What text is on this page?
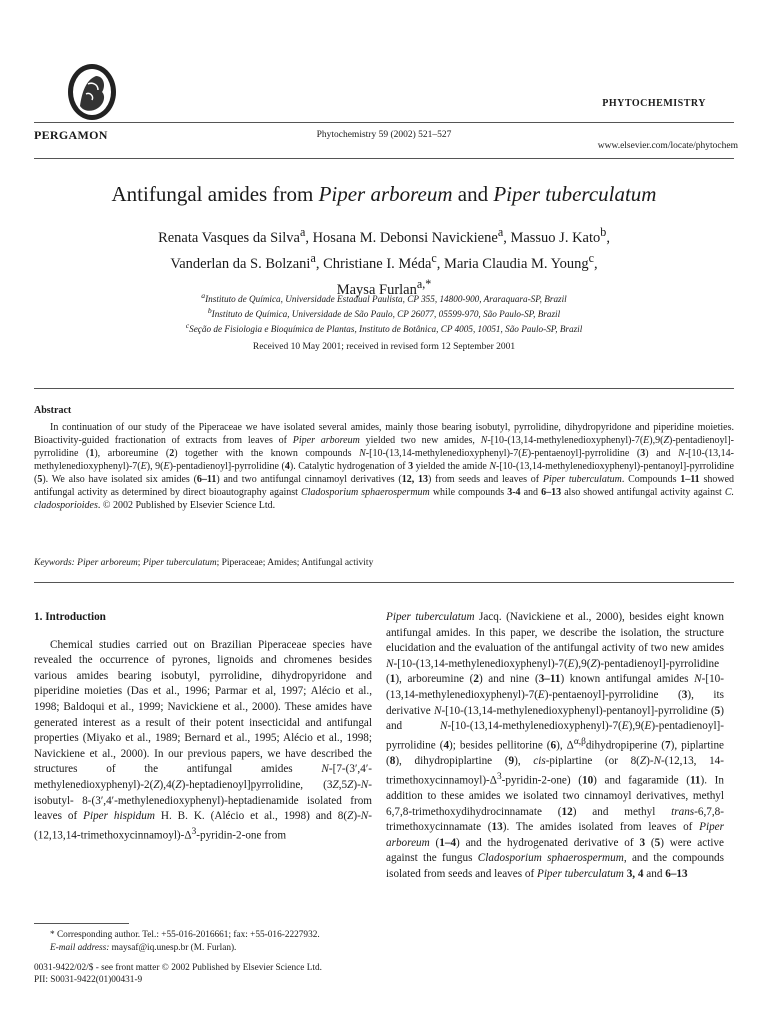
PERGAMON	Phytochemistry 59 (2002) 521–527
PHYTOCHEMISTRY
www.elsevier.com/locate/phytochem
Antifungal amides from Piper arboreum and Piper tuberculatum
Renata Vasques da Silva$^a$, Hosana M. Debonsi Navickiene$^a$, Massuo J. Kato$^b$,
Vanderlan da S. Bolzani$^a$, Christiane I. Méda$^c$, Maria Claudia M. Young$^c$,
Maysa Furlan$^{a,*}$
$^a$Instituto de Química, Universidade Estadual Paulista, CP 355, 14800-900, Araraquara-SP, Brazil
$^b$Instituto de Química, Universidade de São Paulo, CP 26077, 05599-970, São Paulo-SP, Brazil
$^c$Seção de Fisiologia e Bioquímica de Plantas, Instituto de Botânica, CP 4005, 10051, São Paulo-SP, Brazil
Received 10 May 2001; received in revised form 12 September 2001
Abstract
In continuation of our study of the Piperaceae we have isolated several amides, mainly those bearing isobutyl, pyrrolidine, dihydropyridone and piperidine moieties. Bioactivity-guided fractionation of extracts from leaves of Piper arboreum yielded two new amides, N-[10-(13,14-methylenedioxyphenyl)-7(E),9(Z)-pentadienoyl]-pyrrolidine (1), arboreumine (2) together with the known compounds N-[10-(13,14-methylenedioxyphenyl)-7(E)-pentaenoyl]-pyrrolidine (3) and N-[10-(13,14-methylenedioxyphenyl)-7(E), 9(E)-pentadienoyl]-pyrrolidine (4). Catalytic hydrogenation of 3 yielded the amide N-[10-(13,14-methylenedioxyphenyl)-pentanoyl]-pyrrolidine (5). We also have isolated six amides (6–11) and two antifungal cinnamoyl derivatives (12, 13) from seeds and leaves of Piper tuberculatum. Compounds 1–11 showed antifungal activity as determined by direct bioautography against Cladosporium sphaerospermum while compounds 3-4 and 6–13 also showed antifungal activity against C. cladosporioides. © 2002 Published by Elsevier Science Ltd.
Keywords: Piper arboreum; Piper tuberculatum; Piperaceae; Amides; Antifungal activity
1. Introduction

Chemical studies carried out on Brazilian Piperaceae species have revealed the occurrence of pyrones, lignoids and chromenes besides various amides bearing isobutyl, pyrrolidine, dihydropyridone and piperidine moieties (Das et al., 1996; Parmar et al, 1997; Alécio et al., 1998; Baldoqui et al., 1999; Navickiene et al., 2000). These amides have generated interest as a result of their potent insecticidal and antifungal properties (Miyako et al., 1989; Bernard et al., 1995; Alécio et al., 1998; Navickiene et al., 2000). In our previous papers, we have described the structures of the antifungal amides N-[7-(3′,4′-methylenedioxyphenyl)-2(Z),4(Z)-heptadienoyl]pyrrolidine, (3Z,5Z)-N-isobutyl- 8-(3′,4′-methylenedioxyphenyl)-heptadienamide isolated from leaves of Piper hispidum H. B. K. (Alécio et al., 1998) and $8(Z)-N-(12,13,14-trimethoxycinnamoyl)-\Delta^3-pyridin-2$-one from

Piper tuberculatum Jacq. (Navickiene et al., 2000), besides eight known antifungal amides. In this paper, we describe the isolation, the structure elucidation and the evaluation of the antifungal activity of two new amides N-[10-(13,14-methylenedioxyphenyl)-7(E),9(Z)-pentadienoyl]-pyrrolidine (1), arboreumine (2) and nine (3–11) known antifungal amides N-[10- (13,14-methylenedioxyphenyl)-7(E)-pentaenoyl]-pyrrolidine (3), its derivative N-[10-(13,14-methylenedioxyphenyl)-pentanoyl]-pyrrolidine (5) and N-[10-(13,14-methylenedioxyphenyl)-7(E),9(E)-pentadienoyl]-pyrrolidine (4); besides pellitorine (6), $\Delta^{\alpha,\beta}dihydropiperine$ (7), piplartine (8), dihydropiplartine (9), cis-piplartine (or 8(Z)-N-(12,13, $14-trimethoxycinnamoyl)-\Delta^3-pyridin-2-one$) (10) and fagaramide (11). In addition to these amides we isolated two cinnamoyl derivatives, methyl 6,7,8-trimethoxydihydrocinnamate (12) and methyl trans-6,7,8-trimethoxycinnamate (13). The amides isolated from leaves of Piper arboreum (1–4) and the hydrogenated derivative of 3 (5) were active against the fungus Cladosporium sphaerospermum, and the compounds isolated from seeds and leaves of Piper tuberculatum 3, 4 and 6–13

* Corresponding author. Tel.: +55-016-2016661; fax: +55-016-2227932.

E-mail address: maysaf@iq.unesp.br (M. Furlan).

0031-9422/02/$ - see front matter © 2002 Published by Elsevier Science Ltd.
PII: S0031-9422(01)00431-9
